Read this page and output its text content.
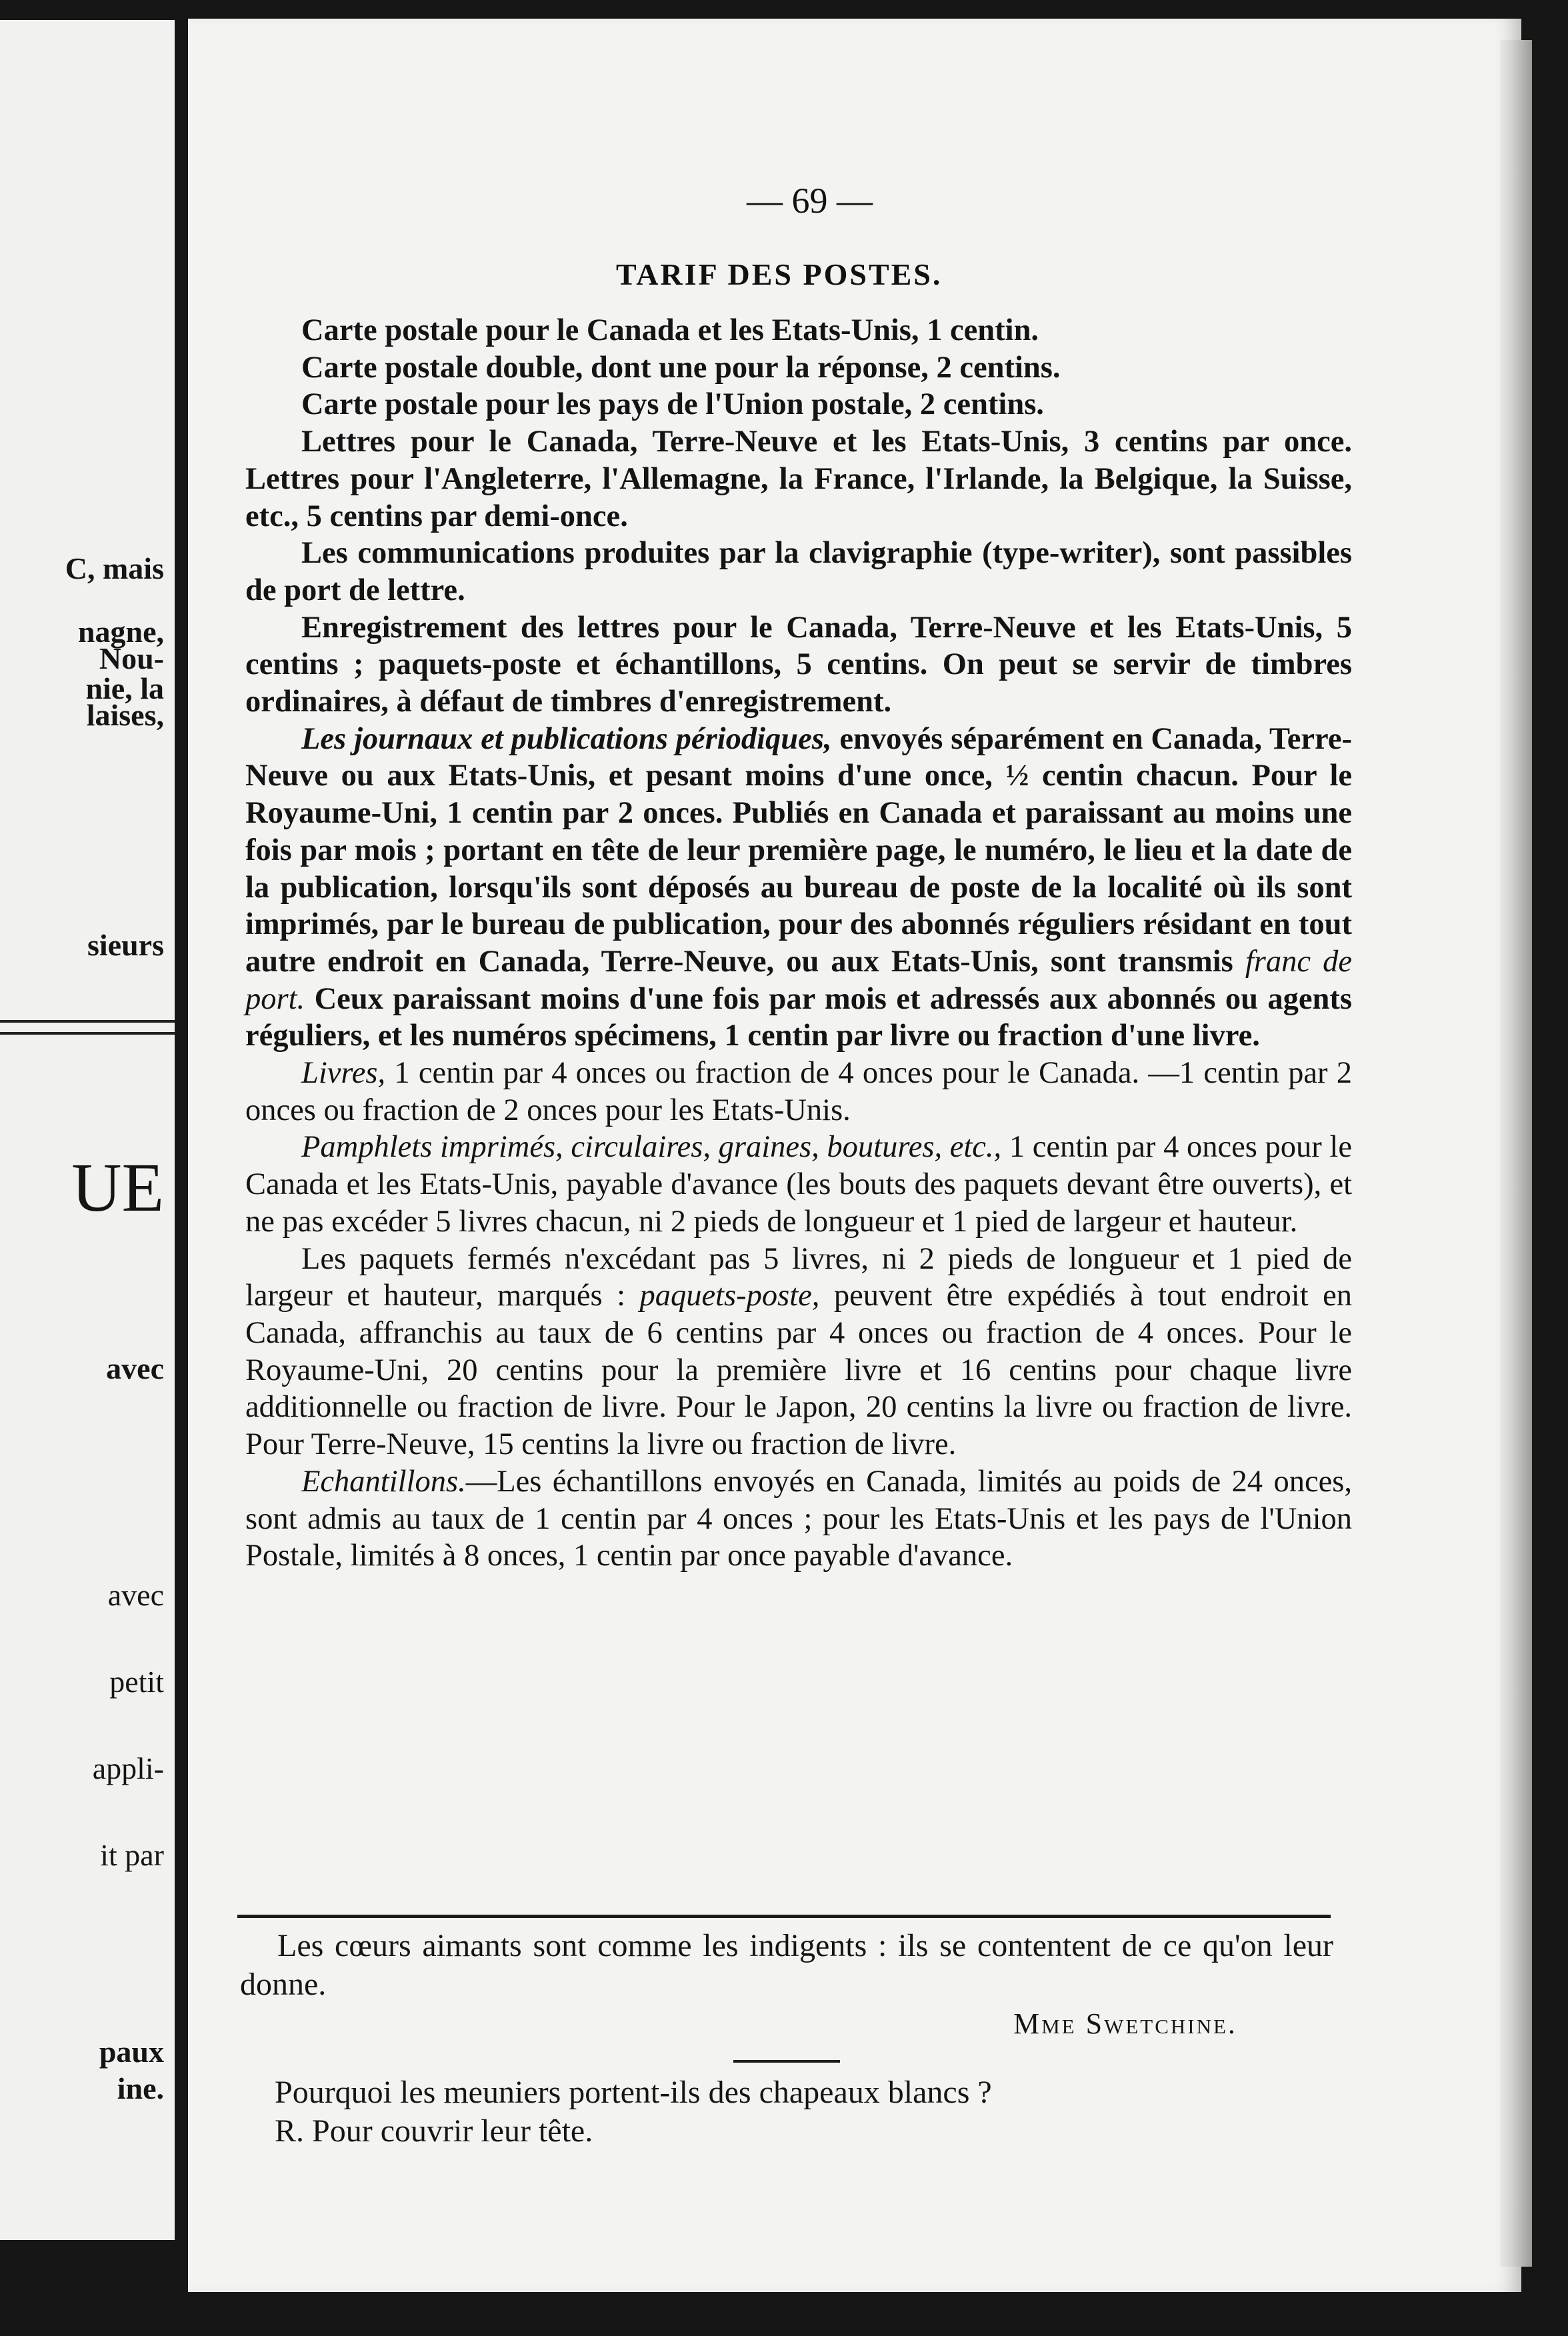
C, mais
nagne,
Nou-
nie, la
laises,
sieurs
UE
avec
avec
petit
appli-
it par
paux
ine.
— 69 —
TARIF DES POSTES.

Carte postale pour le Canada et les Etats-Unis, 1 centin.

Carte postale double, dont une pour la réponse, 2 centins.

Carte postale pour les pays de l'Union postale, 2 centins.

Lettres pour le Canada, Terre-Neuve et les Etats-Unis, 3 centins par once. Lettres pour l'Angleterre, l'Allemagne, la France, l'Irlande, la Belgique, la Suisse, etc., 5 centins par demi-once.

Les communications produites par la clavigraphie (type-writer), sont passibles de port de lettre.

Enregistrement des lettres pour le Canada, Terre-Neuve et les Etats-Unis, 5 centins ; paquets-poste et échantillons, 5 centins. On peut se servir de timbres ordinaires, à défaut de timbres d'enregistrement.

Les journaux et publications périodiques, envoyés séparément en Canada, Terre-Neuve ou aux Etats-Unis, et pesant moins d'une once, ½ centin chacun. Pour le Royaume-Uni, 1 centin par 2 onces. Publiés en Canada et paraissant au moins une fois par mois ; portant en tête de leur première page, le numéro, le lieu et la date de la publication, lorsqu'ils sont déposés au bureau de poste de la localité où ils sont imprimés, par le bureau de publication, pour des abonnés réguliers résidant en tout autre endroit en Canada, Terre-Neuve, ou aux Etats-Unis, sont transmis franc de port. Ceux paraissant moins d'une fois par mois et adressés aux abonnés ou agents réguliers, et les numéros spécimens, 1 centin par livre ou fraction d'une livre.

Livres, 1 centin par 4 onces ou fraction de 4 onces pour le Canada. —1 centin par 2 onces ou fraction de 2 onces pour les Etats-Unis.

Pamphlets imprimés, circulaires, graines, boutures, etc., 1 centin par 4 onces pour le Canada et les Etats-Unis, payable d'avance (les bouts des paquets devant être ouverts), et ne pas excéder 5 livres chacun, ni 2 pieds de longueur et 1 pied de largeur et hauteur.

Les paquets fermés n'excédant pas 5 livres, ni 2 pieds de longueur et 1 pied de largeur et hauteur, marqués : paquets-poste, peuvent être expédiés à tout endroit en Canada, affranchis au taux de 6 centins par 4 onces ou fraction de 4 onces. Pour le Royaume-Uni, 20 centins pour la première livre et 16 centins pour chaque livre additionnelle ou fraction de livre. Pour le Japon, 20 centins la livre ou fraction de livre. Pour Terre-Neuve, 15 centins la livre ou fraction de livre.

Echantillons.—Les échantillons envoyés en Canada, limités au poids de 24 onces, sont admis au taux de 1 centin par 4 onces ; pour les Etats-Unis et les pays de l'Union Postale, limités à 8 onces, 1 centin par once payable d'avance.

Les cœurs aimants sont comme les indigents : ils se contentent de ce qu'on leur donne.

Mme Swetchine.
Pourquoi les meuniers portent-ils des chapeaux blancs ?
R. Pour couvrir leur tête.
